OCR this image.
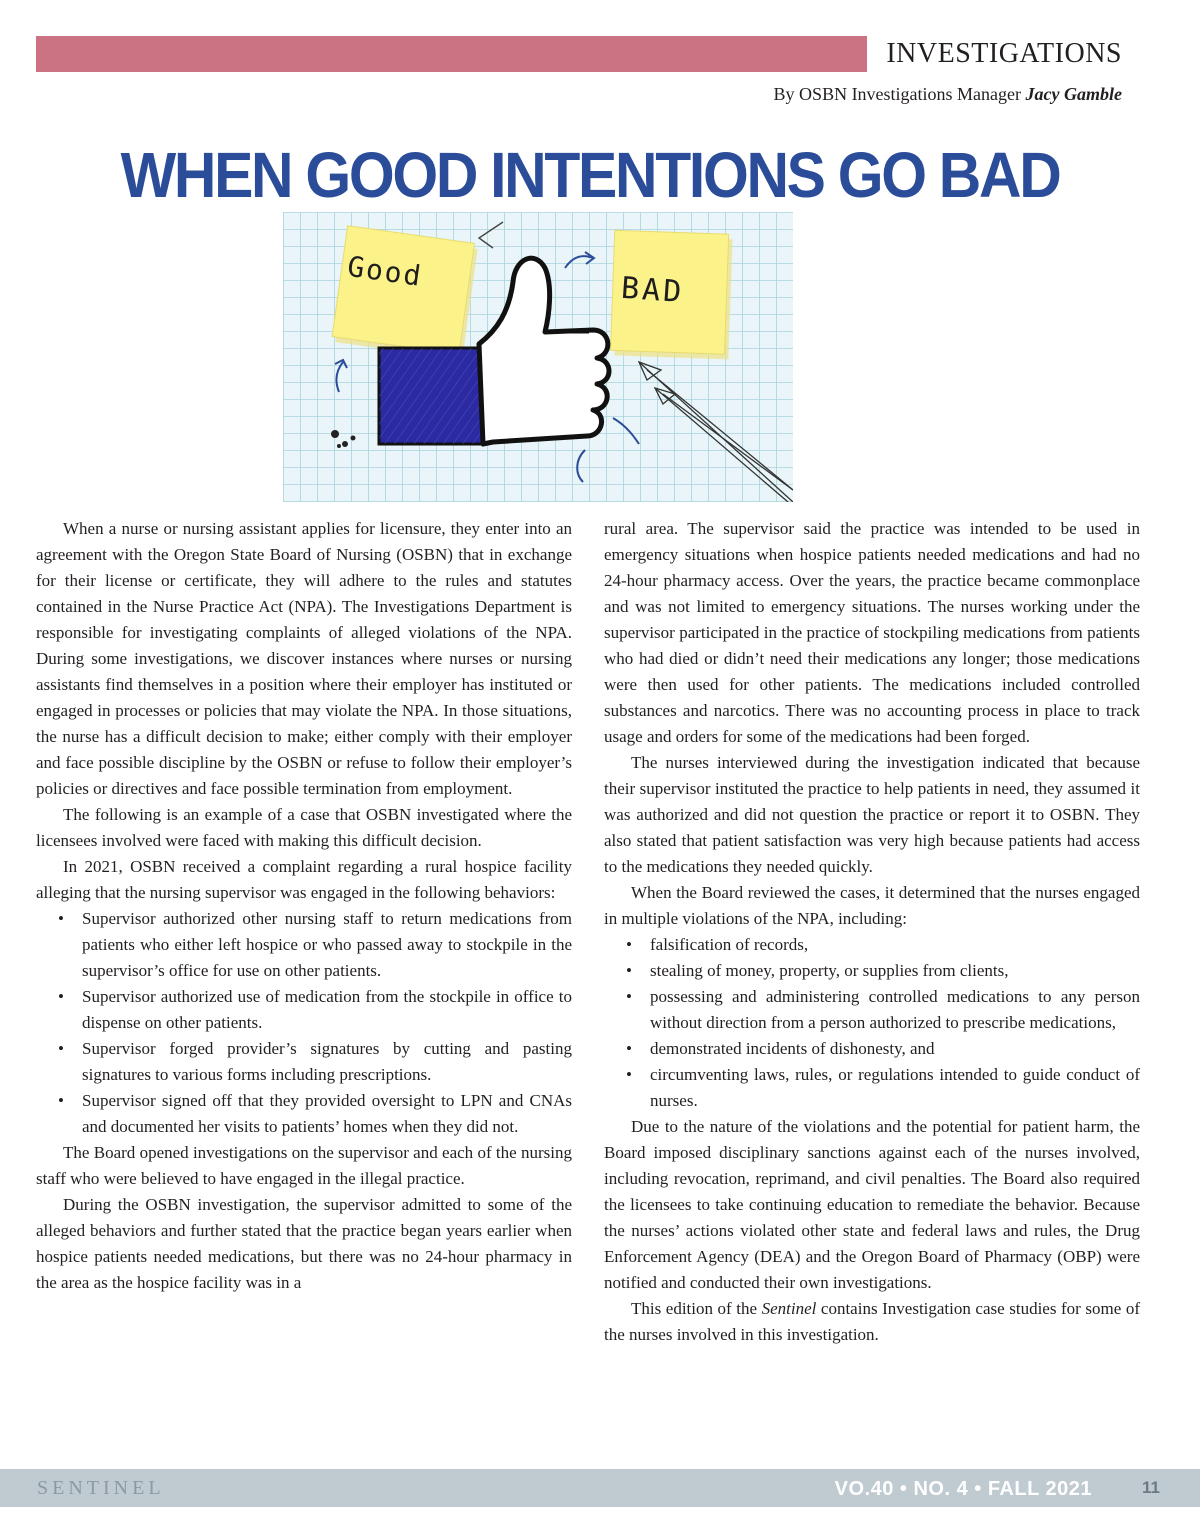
INVESTIGATIONS
By OSBN Investigations Manager Jacy Gamble
WHEN GOOD INTENTIONS GO BAD
Good	BAD

When a nurse or nursing assistant applies for licensure, they enter into an agreement with the Oregon State Board of Nursing (OSBN) that in exchange for their license or certificate, they will adhere to the rules and statutes contained in the Nurse Practice Act (NPA). The Investigations Department is responsible for investigating complaints of alleged violations of the NPA. During some investigations, we discover instances where nurses or nursing assistants find themselves in a position where their employer has instituted or engaged in processes or policies that may violate the NPA. In those situations, the nurse has a difficult decision to make; either comply with their employer and face possible discipline by the OSBN or refuse to follow their employer’s policies or directives and face possible termination from employment.

The following is an example of a case that OSBN investigated where the licensees involved were faced with making this difficult decision.

In 2021, OSBN received a complaint regarding a rural hospice facility alleging that the nursing supervisor was engaged in the following behaviors:

• Supervisor authorized other nursing staff to return medications from patients who either left hospice or who passed away to stockpile in the supervisor’s office for use on other patients.
• Supervisor authorized use of medication from the stockpile in office to dispense on other patients.
• Supervisor forged provider’s signatures by cutting and pasting signatures to various forms including prescriptions.
• Supervisor signed off that they provided oversight to LPN and CNAs and documented her visits to patients’ homes when they did not.

The Board opened investigations on the supervisor and each of the nursing staff who were believed to have engaged in the illegal practice.

During the OSBN investigation, the supervisor admitted to some of the alleged behaviors and further stated that the practice began years earlier when hospice patients needed medications, but there was no 24-hour pharmacy in the area as the hospice facility was in a

rural area. The supervisor said the practice was intended to be used in emergency situations when hospice patients needed medications and had no 24-hour pharmacy access. Over the years, the practice became commonplace and was not limited to emergency situations. The nurses working under the supervisor participated in the practice of stockpiling medications from patients who had died or didn’t need their medications any longer; those medications were then used for other patients. The medications included controlled substances and narcotics. There was no accounting process in place to track usage and orders for some of the medications had been forged.

The nurses interviewed during the investigation indicated that because their supervisor instituted the practice to help patients in need, they assumed it was authorized and did not question the practice or report it to OSBN. They also stated that patient satisfaction was very high because patients had access to the medications they needed quickly.

When the Board reviewed the cases, it determined that the nurses engaged in multiple violations of the NPA, including:

• falsification of records,
• stealing of money, property, or supplies from clients,
• possessing and administering controlled medications to any person without direction from a person authorized to prescribe medications,
• demonstrated incidents of dishonesty, and
• circumventing laws, rules, or regulations intended to guide conduct of nurses.

Due to the nature of the violations and the potential for patient harm, the Board imposed disciplinary sanctions against each of the nurses involved, including revocation, reprimand, and civil penalties. The Board also required the licensees to take continuing education to remediate the behavior. Because the nurses’ actions violated other state and federal laws and rules, the Drug Enforcement Agency (DEA) and the Oregon Board of Pharmacy (OBP) were notified and conducted their own investigations.

This edition of the Sentinel contains Investigation case studies for some of the nurses involved in this investigation.

SENTINEL	VO.40 • NO. 4 • FALL 2021	11
